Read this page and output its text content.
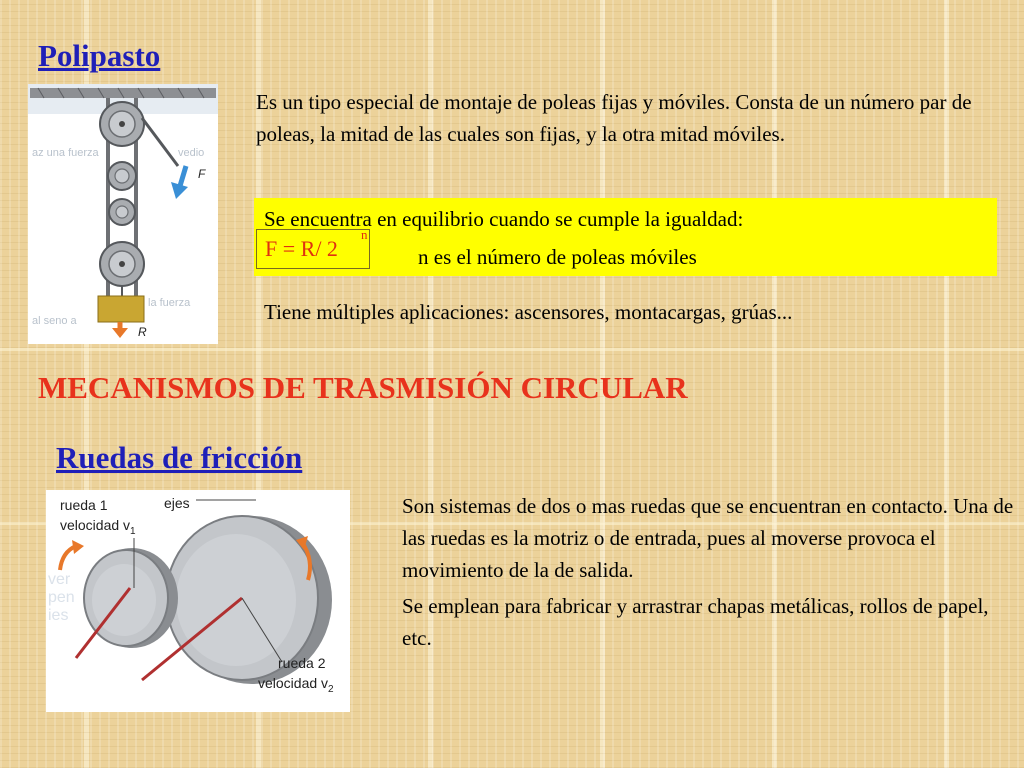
Polipasto
az una fuerza	vedio
la fuerza
al seno a
F
R

Es un tipo especial de montaje de poleas fijas y móviles. Consta de un número par de poleas, la mitad de las cuales son fijas, y la otra mitad móviles.

Se encuentra en equilibrio cuando se cumple la igualdad:
F = R/ 2
n
n es el número de poleas móviles

Tiene múltiples aplicaciones: ascensores, montacargas, grúas...

MECANISMOS DE TRASMISIÓN CIRCULAR
Ruedas de fricción
ver
pen
ies
rueda 1
velocidad $v_1$
ejes
rueda 2
velocidad $v_2$

Son sistemas de dos o mas ruedas que se encuentran en contacto. Una de las ruedas es la motriz o de entrada, pues al moverse provoca el movimiento de la de salida.

Se emplean para fabricar y arrastrar chapas metálicas, rollos de papel, etc.
